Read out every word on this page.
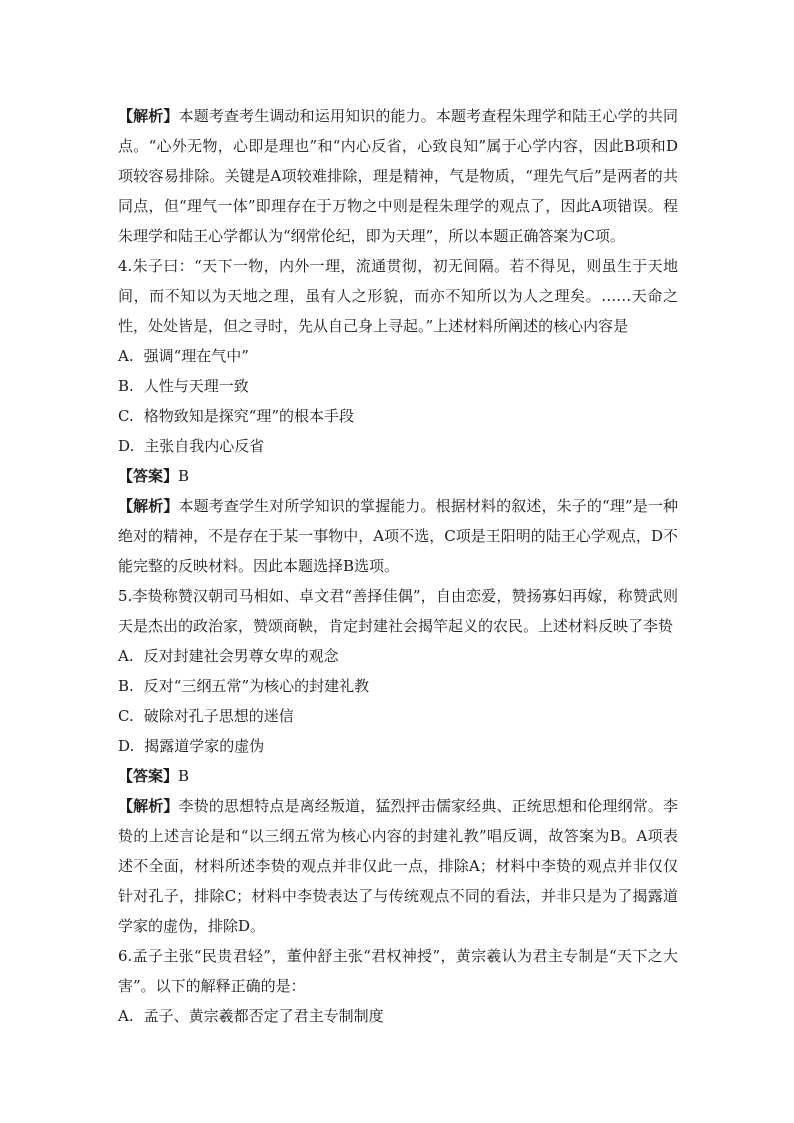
【解析】本题考查考生调动和运用知识的能力。本题考查程朱理学和陆王心学的共同点。“心外无物，心即是理也”和“内心反省，心致良知”属于心学内容，因此B项和D项较容易排除。关键是A项较难排除，理是精神，气是物质，“理先气后”是两者的共同点，但“理气一体”即理存在于万物之中则是程朱理学的观点了，因此A项错误。程朱理学和陆王心学都认为“纲常伦纪，即为天理”，所以本题正确答案为C项。

4.朱子曰：“天下一物，内外一理，流通贯彻，初无间隔。若不得见，则虽生于天地间，而不知以为天地之理，虽有人之形貌，而亦不知所以为人之理矣。……天命之性，处处皆是，但之寻时，先从自己身上寻起。”上述材料所阐述的核心内容是

A. 强调“理在气中”

B. 人性与天理一致

C. 格物致知是探究“理”的根本手段

D. 主张自我内心反省

【答案】B

【解析】本题考查学生对所学知识的掌握能力。根据材料的叙述，朱子的“理”是一种绝对的精神，不是存在于某一事物中，A项不选，C项是王阳明的陆王心学观点，D不能完整的反映材料。因此本题选择B选项。

5.李贽称赞汉朝司马相如、卓文君“善择佳偶”，自由恋爱，赞扬寡妇再嫁，称赞武则天是杰出的政治家，赞颂商鞅，肯定封建社会揭竿起义的农民。上述材料反映了李贽

A. 反对封建社会男尊女卑的观念

B. 反对“三纲五常”为核心的封建礼教

C. 破除对孔子思想的迷信

D. 揭露道学家的虚伪

【答案】B

【解析】李贽的思想特点是离经叛道，猛烈抨击儒家经典、正统思想和伦理纲常。李贽的上述言论是和“以三纲五常为核心内容的封建礼教”唱反调，故答案为B。A项表述不全面，材料所述李贽的观点并非仅此一点，排除A；材料中李贽的观点并非仅仅针对孔子，排除C；材料中李贽表达了与传统观点不同的看法，并非只是为了揭露道学家的虚伪，排除D。

6.孟子主张“民贵君轻”，董仲舒主张“君权神授”，黄宗羲认为君主专制是“天下之大害”。以下的解释正确的是：

A. 孟子、黄宗羲都否定了君主专制制度
